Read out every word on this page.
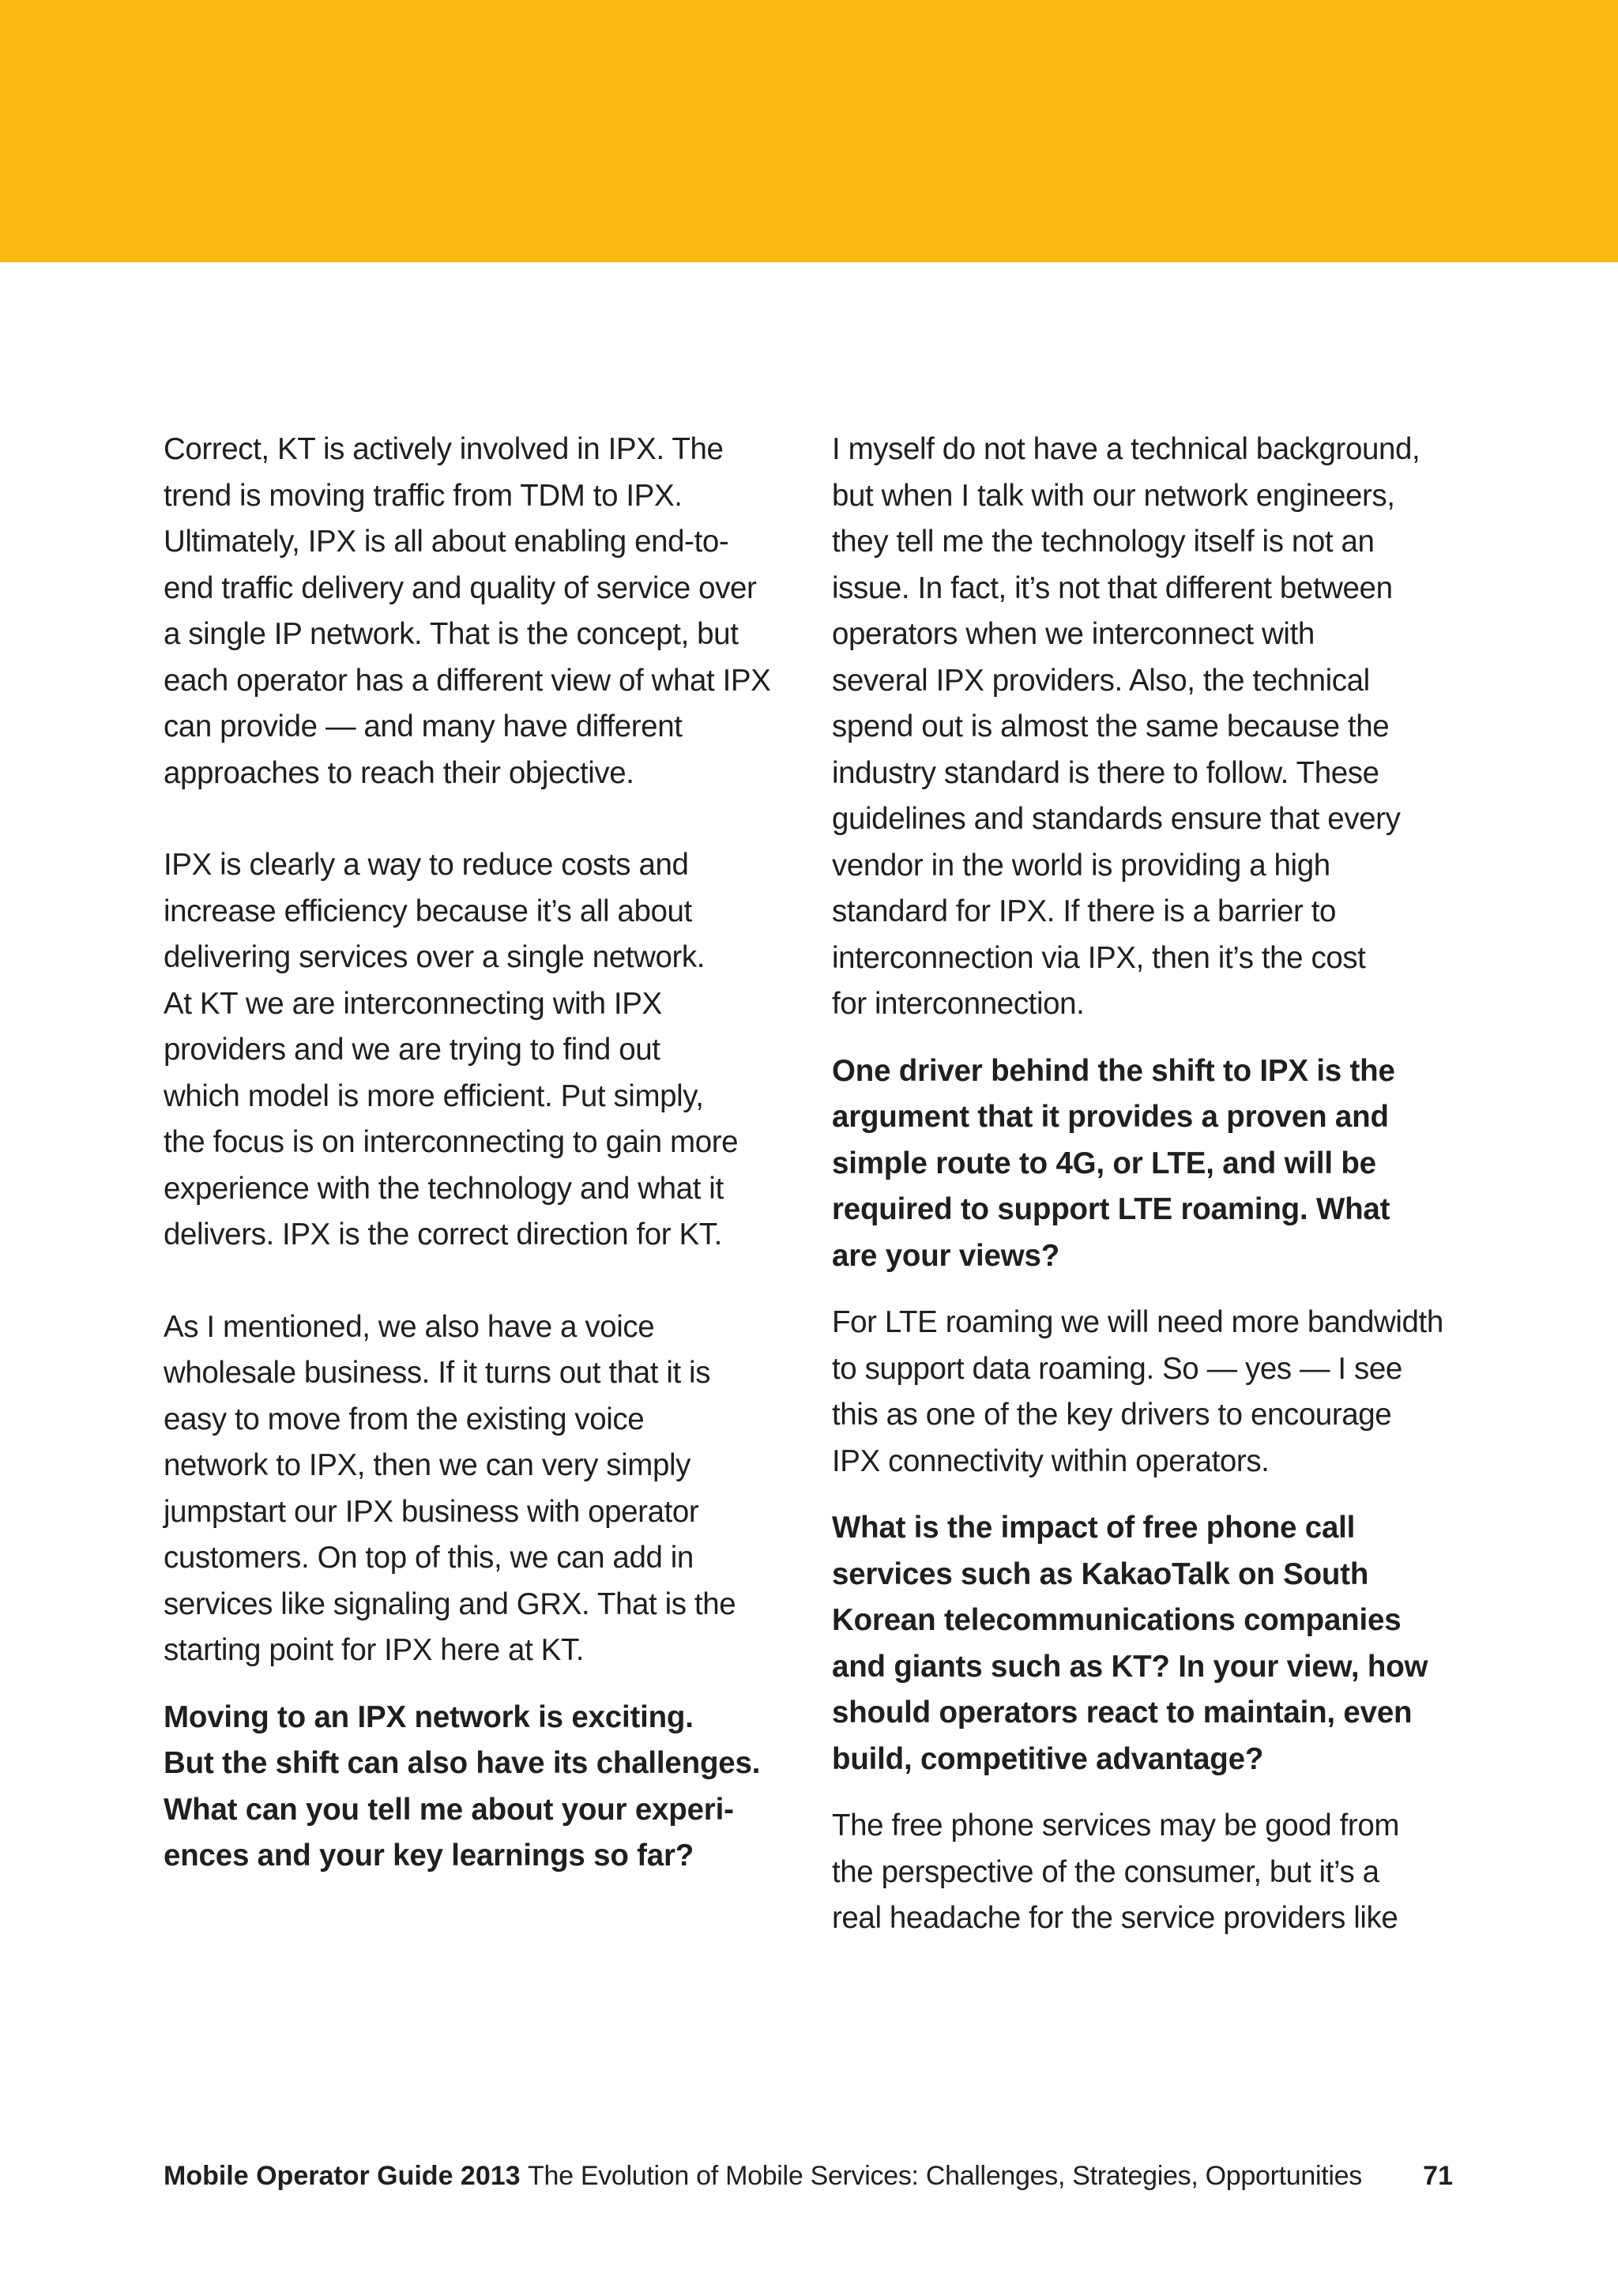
Correct, KT is actively involved in IPX. The
trend is moving traffic from TDM to IPX.
Ultimately, IPX is all about enabling end-to-
end traffic delivery and quality of service over
a single IP network. That is the concept, but
each operator has a different view of what IPX
can provide — and many have different
approaches to reach their objective.

IPX is clearly a way to reduce costs and
increase efficiency because it’s all about
delivering services over a single network.
At KT we are interconnecting with IPX
providers and we are trying to find out
which model is more efficient. Put simply,
the focus is on interconnecting to gain more
experience with the technology and what it
delivers. IPX is the correct direction for KT.

As I mentioned, we also have a voice
wholesale business. If it turns out that it is
easy to move from the existing voice
network to IPX, then we can very simply
jumpstart our IPX business with operator
customers. On top of this, we can add in
services like signaling and GRX. That is the
starting point for IPX here at KT.

Moving to an IPX network is exciting.
But the shift can also have its challenges.
What can you tell me about your experi-
ences and your key learnings so far?

I myself do not have a technical background,
but when I talk with our network engineers,
they tell me the technology itself is not an
issue. In fact, it’s not that different between
operators when we interconnect with
several IPX providers. Also, the technical
spend out is almost the same because the
industry standard is there to follow. These
guidelines and standards ensure that every
vendor in the world is providing a high
standard for IPX. If there is a barrier to
interconnection via IPX, then it’s the cost
for interconnection.

One driver behind the shift to IPX is the
argument that it provides a proven and
simple route to 4G, or LTE, and will be
required to support LTE roaming. What
are your views?

For LTE roaming we will need more bandwidth
to support data roaming. So — yes — I see
this as one of the key drivers to encourage
IPX connectivity within operators.

What is the impact of free phone call
services such as KakaoTalk on South
Korean telecommunications companies
and giants such as KT? In your view, how
should operators react to maintain, even
build, competitive advantage?

The free phone services may be good from
the perspective of the consumer, but it’s a
real headache for the service providers like

Mobile Operator Guide 2013 The Evolution of Mobile Services: Challenges, Strategies, Opportunities 71
